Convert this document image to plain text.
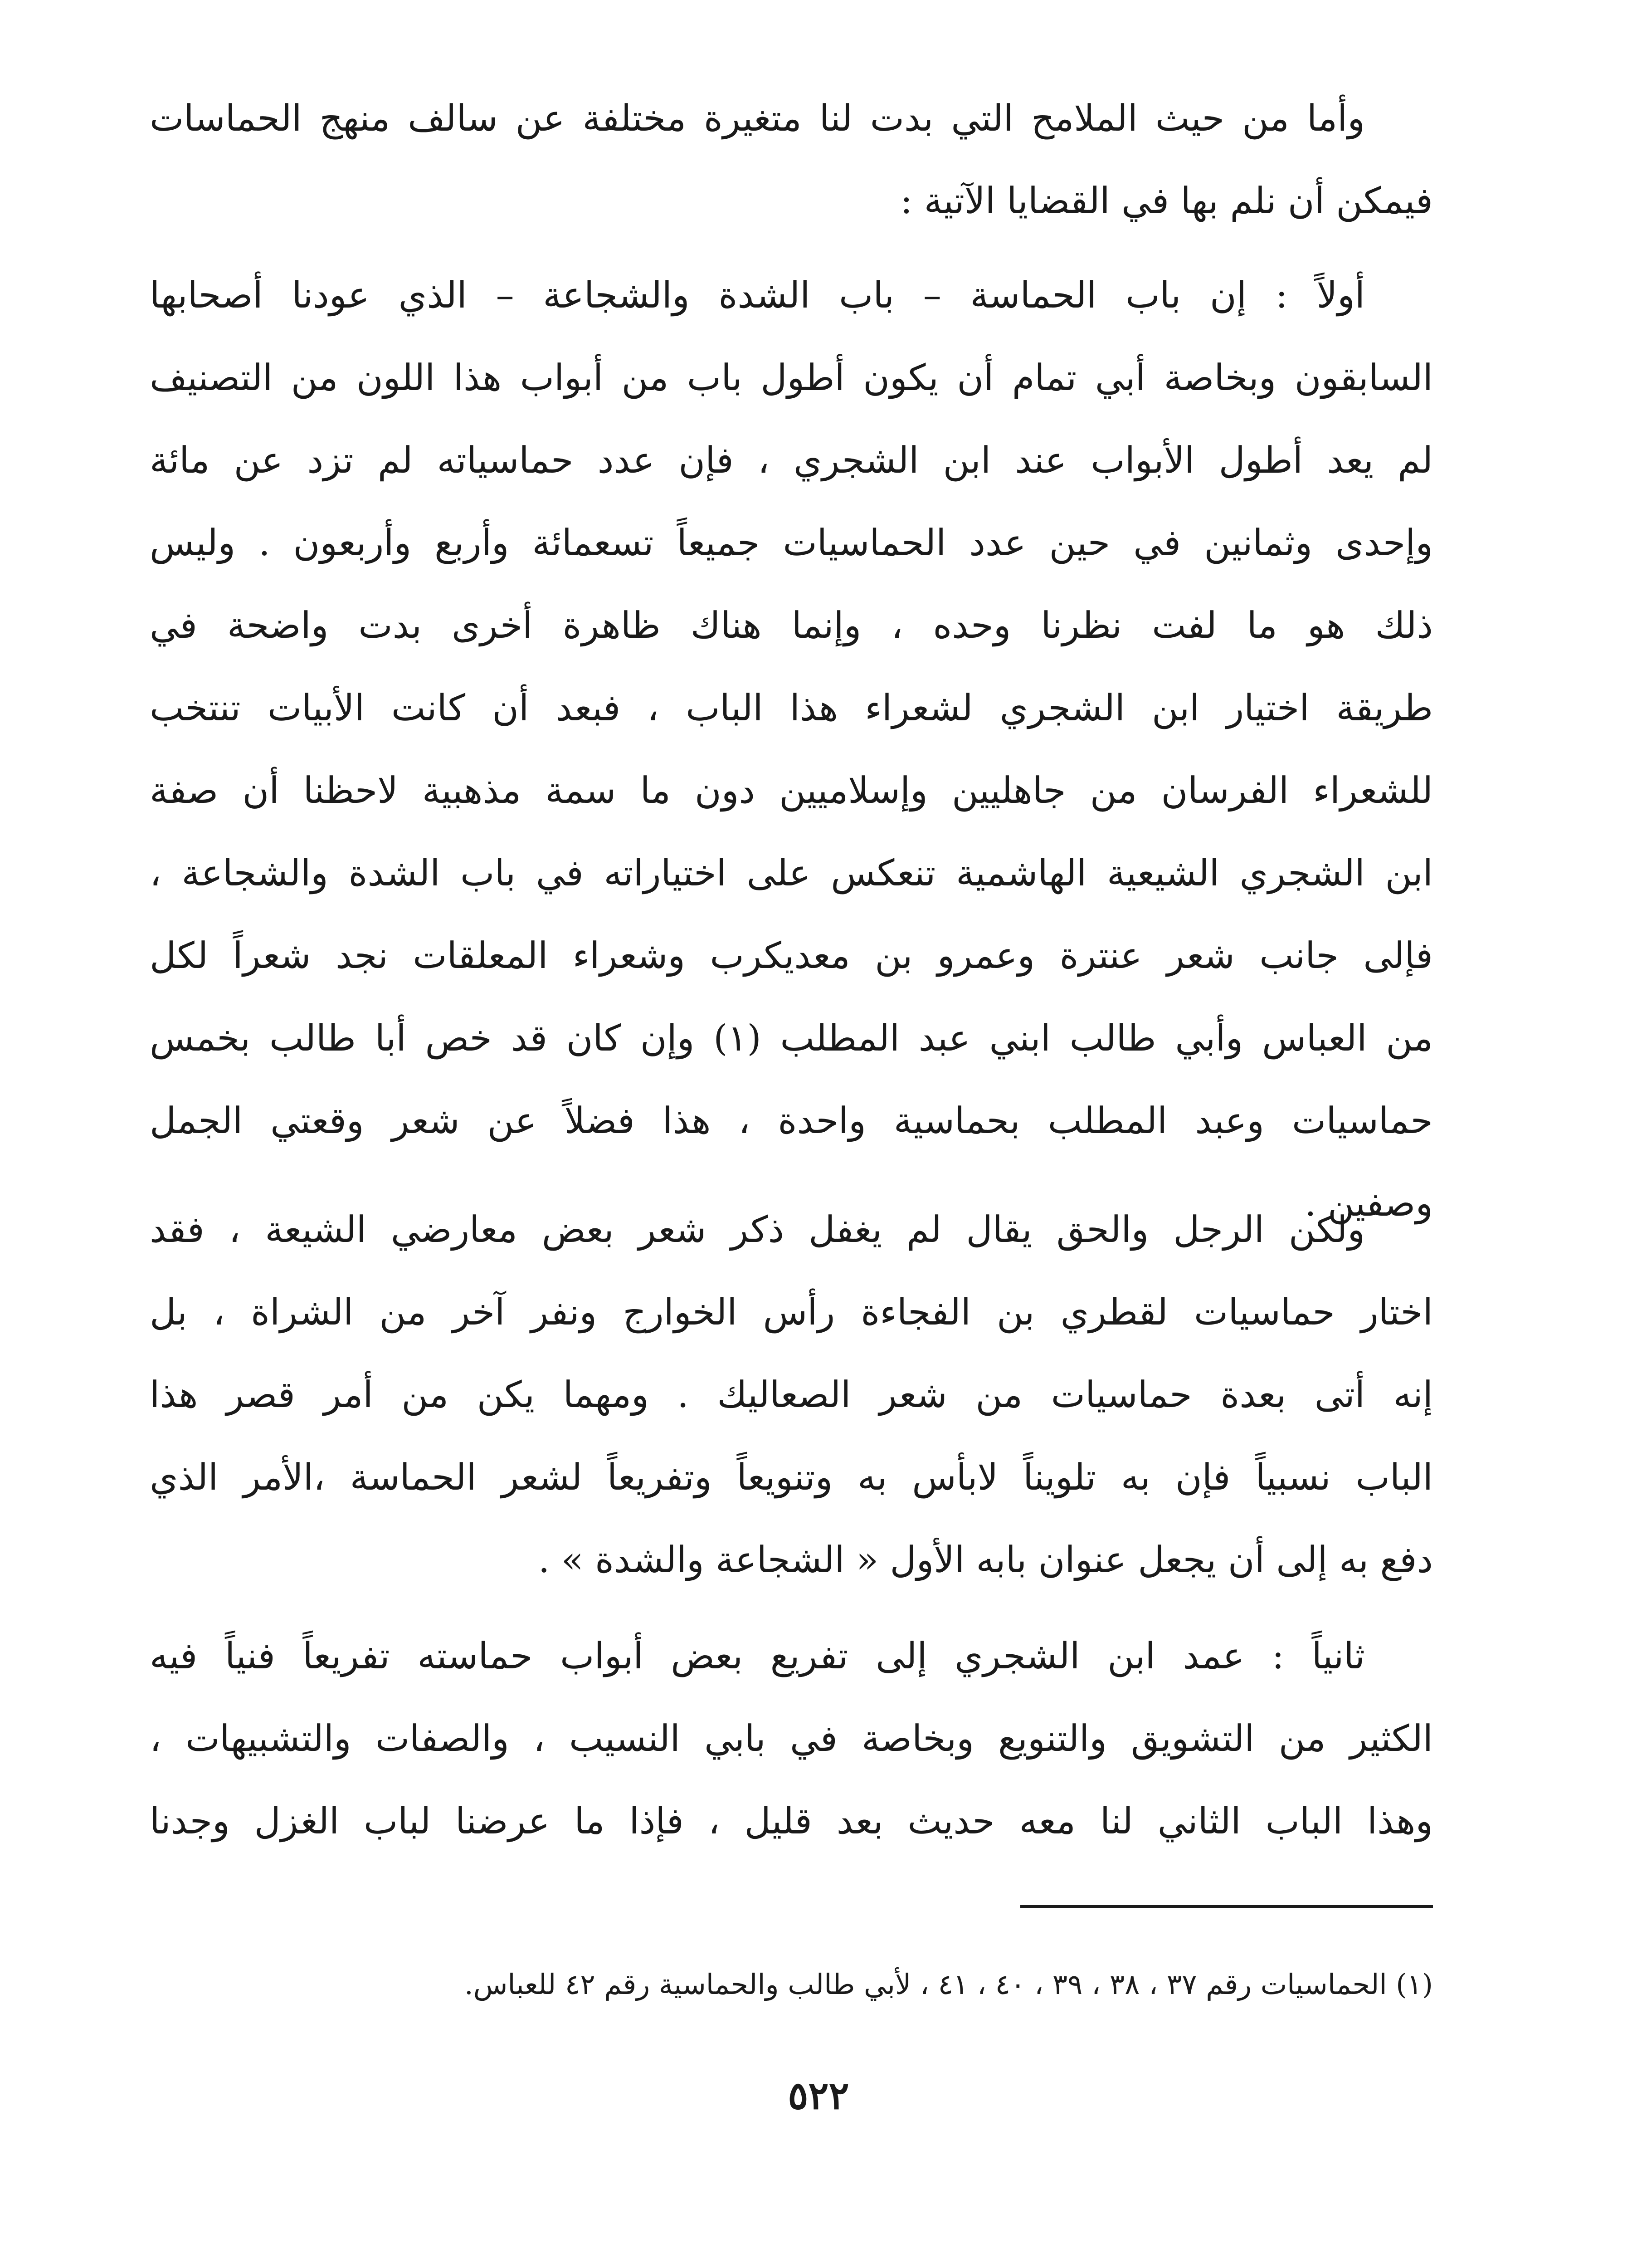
وأما من حيث الملامح التي بدت لنا متغيرة مختلفة عن سالف منهج الحماسات
فيمكن أن نلم بها في القضايا الآتية :
أولاً : إن باب الحماسة – باب الشدة والشجاعة – الذي عودنا أصحابها
السابقون وبخاصة أبي تمام أن يكون أطول باب من أبواب هذا اللون من التصنيف
لم يعد أطول الأبواب عند ابن الشجري ، فإن عدد حماسياته لم تزد عن مائة
وإحدى وثمانين في حين عدد الحماسيات جميعاً تسعمائة وأربع وأربعون . وليس
ذلك هو ما لفت نظرنا وحده ، وإنما هناك ظاهرة أخرى بدت واضحة في
طريقة اختيار ابن الشجري لشعراء هذا الباب ، فبعد أن كانت الأبيات تنتخب
للشعراء الفرسان من جاهليين وإسلاميين دون ما سمة مذهبية لاحظنا أن صفة
ابن الشجري الشيعية الهاشمية تنعكس على اختياراته في باب الشدة والشجاعة ،
فإلى جانب شعر عنترة وعمرو بن معديكرب وشعراء المعلقات نجد شعراً لكل
من العباس وأبي طالب ابني عبد المطلب (١) وإن كان قد خص أبا طالب بخمس
حماسيات وعبد المطلب بحماسية واحدة ، هذا فضلاً عن شعر وقعتي الجمل
وصفين .
ولكن الرجل والحق يقال لم يغفل ذكر شعر بعض معارضي الشيعة ، فقد
اختار حماسيات لقطري بن الفجاءة رأس الخوارج ونفر آخر من الشراة ، بل
إنه أتى بعدة حماسيات من شعر الصعاليك . ومهما يكن من أمر قصر هذا
الباب نسبياً فإن به تلويناً لابأس به وتنويعاً وتفريعاً لشعر الحماسة ،الأمر الذي
دفع به إلى أن يجعل عنوان بابه الأول « الشجاعة والشدة » .
ثانياً : عمد ابن الشجري إلى تفريع بعض أبواب حماسته تفريعاً فنياً فيه
الكثير من التشويق والتنويع وبخاصة في بابي النسيب ، والصفات والتشبيهات ،
وهذا الباب الثاني لنا معه حديث بعد قليل ، فإذا ما عرضنا لباب الغزل وجدنا
(١) الحماسيات رقم ٣٧ ، ٣٨ ، ٣٩ ، ٤٠ ، ٤١ ، لأبي طالب والحماسية رقم ٤٢ للعباس.
٥٢٢
